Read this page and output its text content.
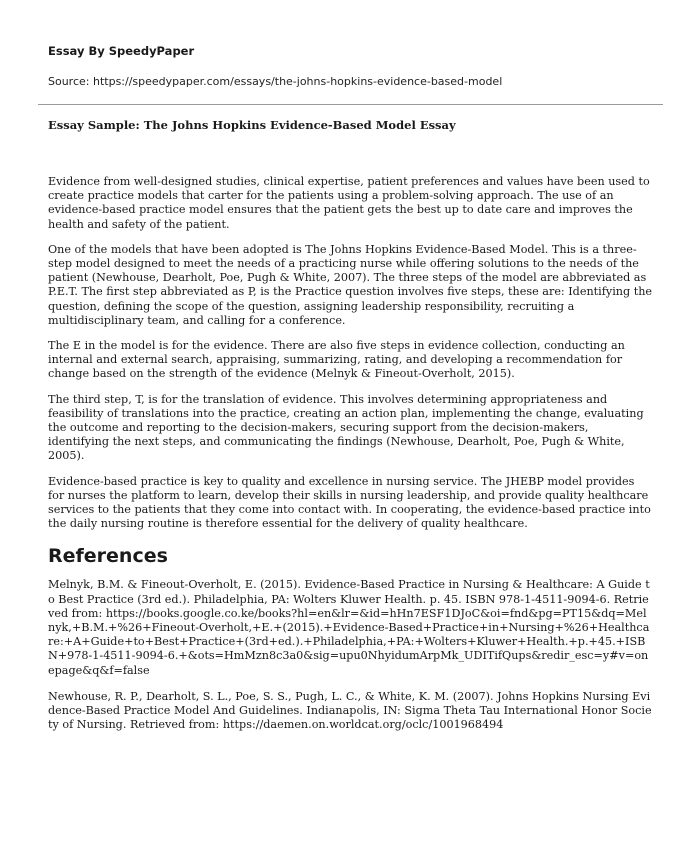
Essay By SpeedyPaper
Source: https://speedypaper.com/essays/the-johns-hopkins-evidence-based-model
Essay Sample: The Johns Hopkins Evidence-Based Model Essay

Evidence from well-designed studies, clinical expertise, patient preferences and values have been used to create practice models that carter for the patients using a problem-solving approach. The use of an evidence-based practice model ensures that the patient gets the best up to date care and improves the health and safety of the patient.

One of the models that have been adopted is The Johns Hopkins Evidence-Based Model. This is a three-step model designed to meet the needs of a practicing nurse while offering solutions to the needs of the patient (Newhouse, Dearholt, Poe, Pugh & White, 2007). The three steps of the model are abbreviated as P.E.T. The first step abbreviated as P, is the Practice question involves five steps, these are: Identifying the question, defining the scope of the question, assigning leadership responsibility, recruiting a multidisciplinary team, and calling for a conference.

The E in the model is for the evidence. There are also five steps in evidence collection, conducting an internal and external search, appraising, summarizing, rating, and developing a recommendation for change based on the strength of the evidence (Melnyk & Fineout-Overholt, 2015).

The third step, T, is for the translation of evidence. This involves determining appropriateness and feasibility of translations into the practice, creating an action plan, implementing the change, evaluating the outcome and reporting to the decision-makers, securing support from the decision-makers, identifying the next steps, and communicating the findings (Newhouse, Dearholt, Poe, Pugh & White, 2005).

Evidence-based practice is key to quality and excellence in nursing service. The JHEBP model provides for nurses the platform to learn, develop their skills in nursing leadership, and provide quality healthcare services to the patients that they come into contact with. In cooperating, the evidence-based practice into the daily nursing routine is therefore essential for the delivery of quality healthcare.

References

Melnyk, B.M. & Fineout-Overholt, E. (2015). Evidence-Based Practice in Nursing & Healthcare: A Guide to Best Practice (3rd ed.). Philadelphia, PA: Wolters Kluwer Health. p. 45. ISBN 978-1-4511-9094-6. Retrieved from: https://books.google.co.ke/books?hl=en&lr=&id=hHn7ESF1DJoC&oi=fnd&pg=PT15&dq=Melnyk,+B.M.+%26+Fineout-Overholt,+E.+(2015).+Evidence-Based+Practice+in+Nursing+%26+Healthcare:+A+Guide+to+Best+Practice+(3rd+ed.).+Philadelphia,+PA:+Wolters+Kluwer+Health.+p.+45.+ISBN+978-1-4511-9094-6.+&ots=HmMzn8c3a0&sig=upu0NhyidumArpMk_UDITifQups&redir_esc=y#v=onepage&q&f=false

Newhouse, R. P., Dearholt, S. L., Poe, S. S., Pugh, L. C., & White, K. M. (2007). Johns Hopkins Nursing Evidence-Based Practice Model And Guidelines. Indianapolis, IN: Sigma Theta Tau International Honor Society of Nursing. Retrieved from: https://daemen.on.worldcat.org/oclc/1001968494
